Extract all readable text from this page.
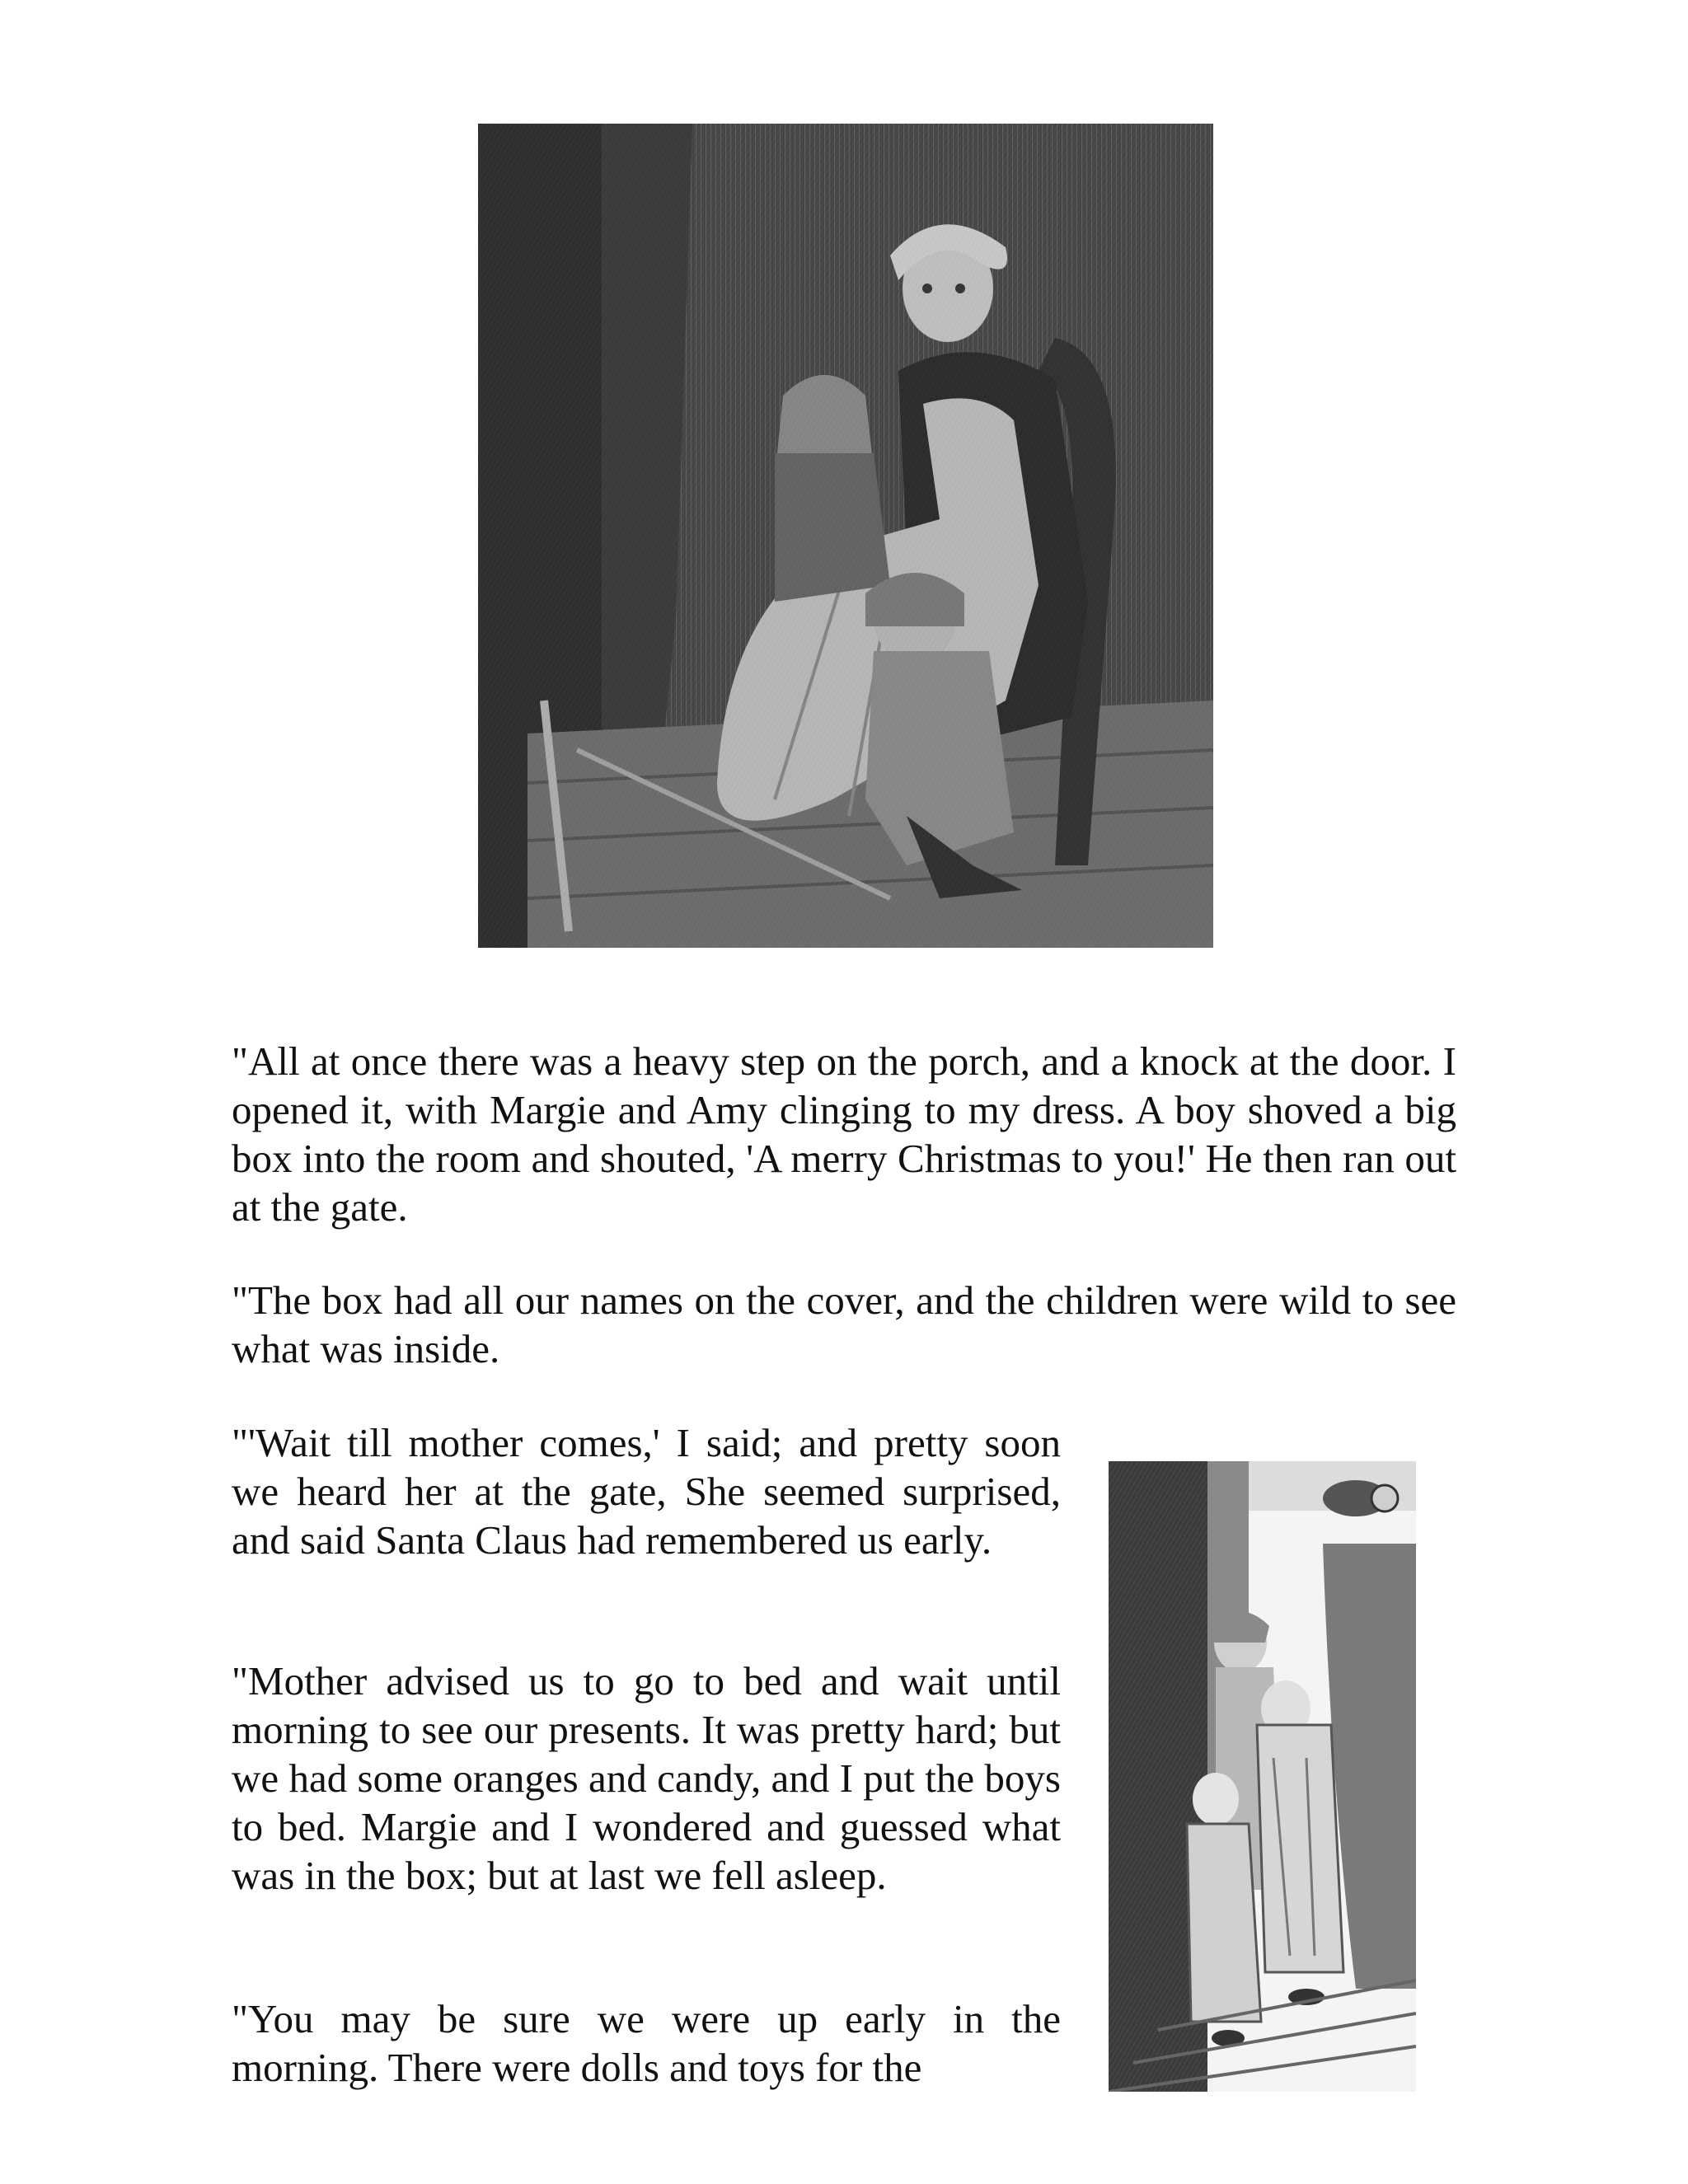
"All at once there was a heavy step on the porch, and a knock at the door. I opened it, with Margie and Amy clinging to my dress. A boy shoved a big box into the room and shouted, 'A merry Christmas to you!' He then ran out at the gate.

"The box had all our names on the cover, and the children were wild to see what was inside.

"'Wait till mother comes,' I said; and pretty soon we heard her at the gate, She seemed surprised, and said Santa Claus had remembered us early.

"Mother advised us to go to bed and wait until morning to see our presents. It was pretty hard; but we had some oranges and candy, and I put the boys to bed. Margie and I wondered and guessed what was in the box; but at last we fell asleep.

"You may be sure we were up early in the morning. There were dolls and toys for the
